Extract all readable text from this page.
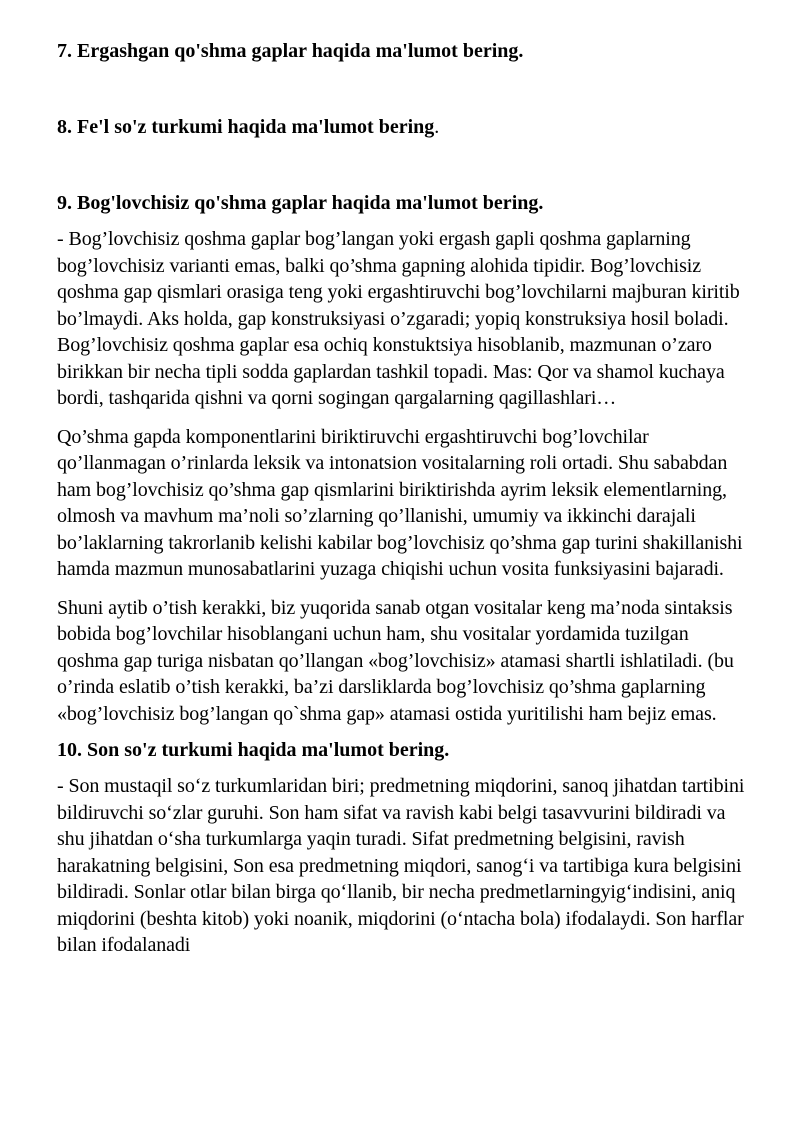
7. Ergashgan qo'shma gaplar haqida ma'lumot bering.

8. Fe'l so'z turkumi haqida ma'lumot bering.

9. Bog'lovchisiz qo'shma gaplar haqida ma'lumot bering.

- Bog’lovchisiz qoshma gaplar bog’langan yoki ergash gapli qoshma gaplarning bog’lovchisiz varianti emas, balki qo’shma gapning alohida tipidir. Bog’lovchisiz qoshma gap qismlari orasiga teng yoki ergashtiruvchi bog’lovchilarni majburan kiritib bo’lmaydi. Aks holda, gap konstruksiyasi o’zgaradi; yopiq konstruksiya hosil boladi. Bog’lovchisiz qoshma gaplar esa ochiq konstuktsiya hisoblanib, mazmunan o’zaro birikkan bir necha tipli sodda gaplardan tashkil topadi. Mas: Qor va shamol kuchaya bordi, tashqarida qishni va qorni sogingan qargalarning qagillashlari…

Qo’shma gapda komponentlarini biriktiruvchi ergashtiruvchi bog’lovchilar qo’llanmagan o’rinlarda leksik va intonatsion vositalarning roli ortadi. Shu sababdan ham bog’lovchisiz qo’shma gap qismlarini biriktirishda ayrim leksik elementlarning, olmosh va mavhum ma’noli so’zlarning qo’llanishi, umumiy va ikkinchi darajali bo’laklarning takrorlanib kelishi kabilar bog’lovchisiz qo’shma gap turini shakillanishi hamda mazmun munosabatlarini yuzaga chiqishi uchun vosita funksiyasini bajaradi.

Shuni aytib o’tish kerakki, biz yuqorida sanab otgan vositalar keng ma’noda sintaksis bobida bog’lovchilar hisoblangani uchun ham, shu vositalar yordamida tuzilgan qoshma gap turiga nisbatan qo’llangan «bog’lovchisiz» atamasi shartli ishlatiladi. (bu o’rinda eslatib o’tish kerakki, ba’zi darsliklarda bog’lovchisiz qo’shma gaplarning «bog’lovchisiz bog’langan qo`shma gap» atamasi ostida yuritilishi ham bejiz emas.

10. Son so'z turkumi haqida ma'lumot bering.

- Son mustaqil so‘z turkumlaridan biri; predmetning miqdorini, sanoq jihatdan tartibini bildiruvchi so‘zlar guruhi. Son ham sifat va ravish kabi belgi tasavvurini bildiradi va shu jihatdan o‘sha turkumlarga yaqin turadi. Sifat predmetning belgisini, ravish harakatning belgisini, Son esa predmetning miqdori, sanog‘i va tartibiga kura belgisini bildiradi. Sonlar otlar bilan birga qo‘llanib, bir necha predmetlarningyig‘indisini, aniq miqdorini (beshta kitob) yoki noanik, miqdorini (o‘ntacha bola) ifodalaydi. Son harflar bilan ifodalanadi
